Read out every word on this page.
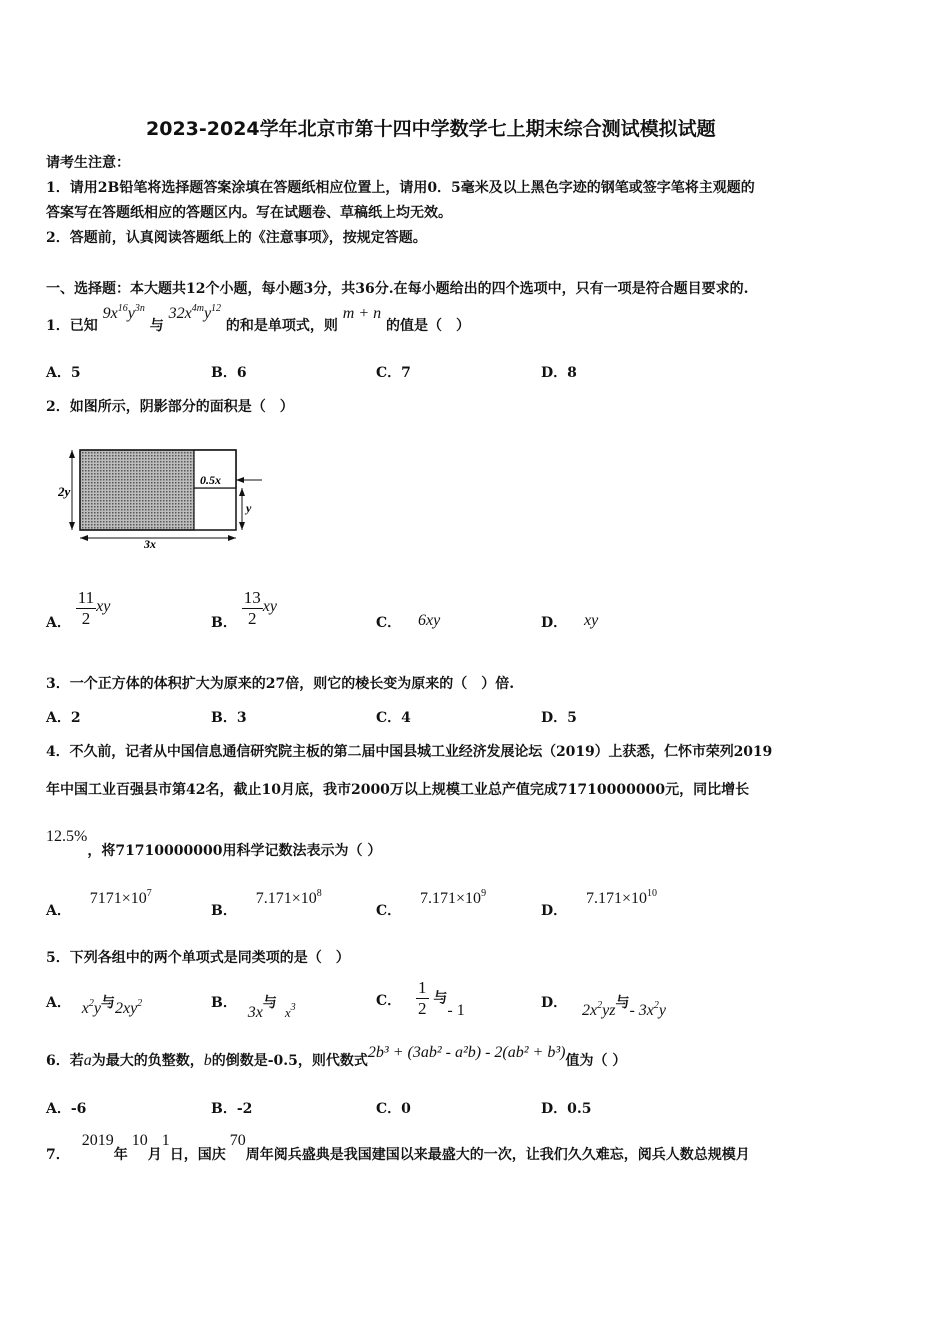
2023-2024学年北京市第十四中学数学七上期末综合测试模拟试题
请考生注意：
1．请用2B铅笔将选择题答案涂填在答题纸相应位置上，请用0．5毫米及以上黑色字迹的钢笔或签字笔将主观题的
答案写在答题纸相应的答题区内。写在试题卷、草稿纸上均无效。
2．答题前，认真阅读答题纸上的《注意事项》，按规定答题。
一、选择题：本大题共12个小题，每小题3分，共36分.在每小题给出的四个选项中，只有一项是符合题目要求的.
1．已知 $9x^{16}y^{3n}$ 与 $32x^{4m}y^{12}$ 的和是单项式，则 m + n 的值是（　）
A．5	B．6	C．7	D．8
2．如图所示，阴影部分的面积是（　）
2y
0.5x
y
3x
A． $\frac{11}{2}$ xy
B． $\frac{13}{2}$ xy
C． 6xy	D． xy
3．一个正方体的体积扩大为原来的27倍，则它的棱长变为原来的（　）倍.
A．2	B．3	C．4	D．5
4．不久前，记者从中国信息通信研究院主板的第二届中国县城工业经济发展论坛（2019）上获悉，仁怀市荣列2019
年中国工业百强县市第42名，截止10月底，我市2000万以上规模工业总产值完成71710000000元，同比增长
12.5%，将71710000000用科学记数法表示为（ ）
A． $7171\times 10^7$
B． $7.171\times 10^8$
C． $7.171\times 10^9$
D． $7.171\times 10^{10}$
5．下列各组中的两个单项式是同类项的是（　）
A． $x^2y$与$2xy^2$	B． 3x与$x^3$	C． $\frac{1}{2}$ 与- 1	D． $2x^2yz$与- $3x^2y$
6．若a为最大的负整数，b的倒数是-0.5，则代数式2b³ + (3ab² - a²b) - 2(ab² + b³)值为（ ）
A．-6	B．-2	C．0	D．0.5
7．2019年10月1日，国庆70周年阅兵盛典是我国建国以来最盛大的一次，让我们久久难忘，阅兵人数总规模月
